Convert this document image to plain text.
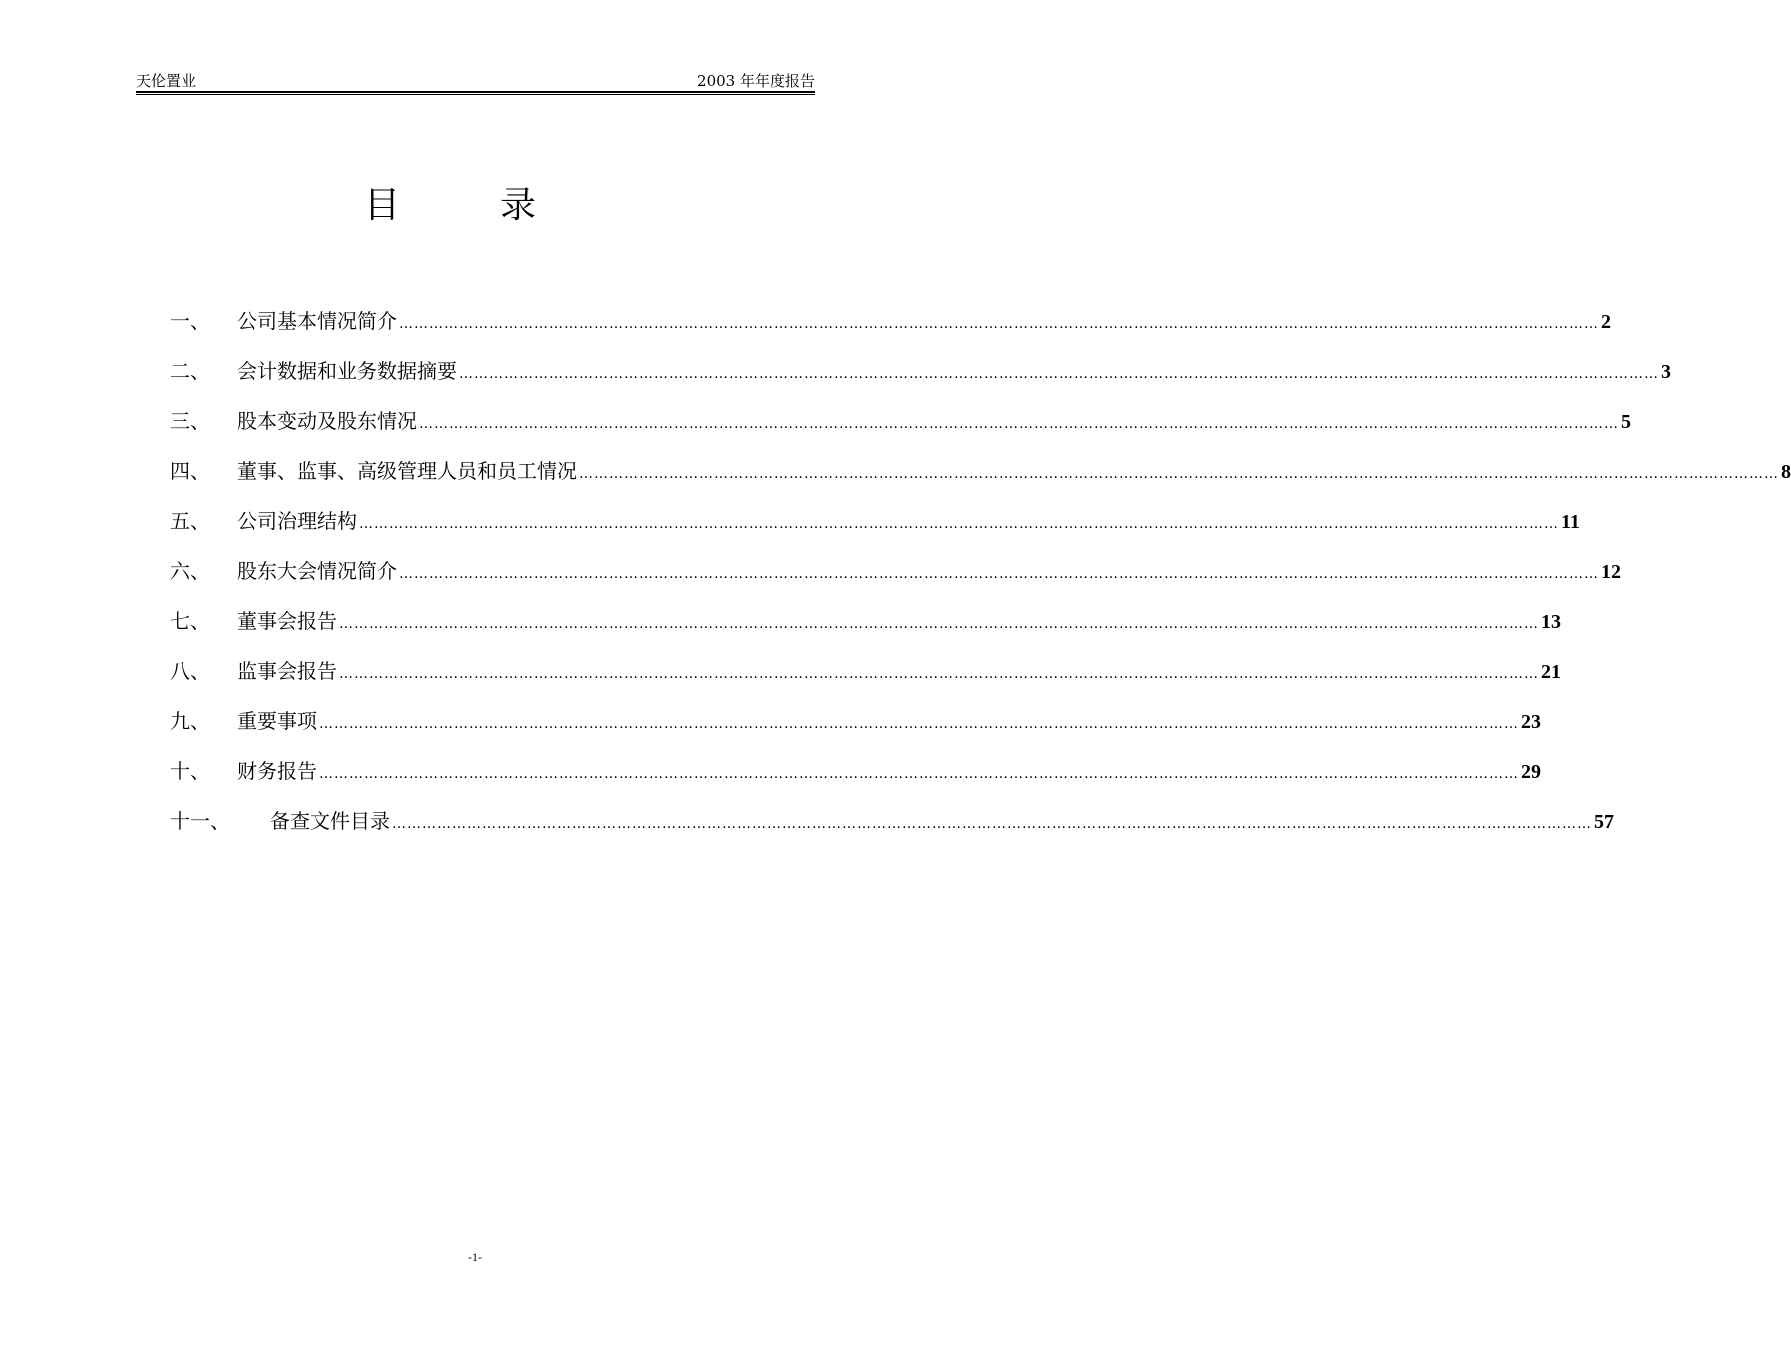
天伦置业	2003 年年度报告
目录
一、	公司基本情况简介 …………………………………………………………………………………………………………………………………………………………………………………………………………………… 2
二、	会计数据和业务数据摘要 …………………………………………………………………………………………………………………………………………………………………………………………………………………… 3
三、	股本变动及股东情况 …………………………………………………………………………………………………………………………………………………………………………………………………………………… 5
四、	董事、监事、高级管理人员和员工情况 …………………………………………………………………………………………………………………………………………………………………………………………………………………… 8
五、	公司治理结构 …………………………………………………………………………………………………………………………………………………………………………………………………………………… 11
六、	股东大会情况简介 …………………………………………………………………………………………………………………………………………………………………………………………………………………… 12
七、	董事会报告 …………………………………………………………………………………………………………………………………………………………………………………………………………………… 13
八、	监事会报告 …………………………………………………………………………………………………………………………………………………………………………………………………………………… 21
九、	重要事项 …………………………………………………………………………………………………………………………………………………………………………………………………………………… 23
十、	财务报告 …………………………………………………………………………………………………………………………………………………………………………………………………………………… 29
十一、	备查文件目录 …………………………………………………………………………………………………………………………………………………………………………………………………………………… 57
-1-
